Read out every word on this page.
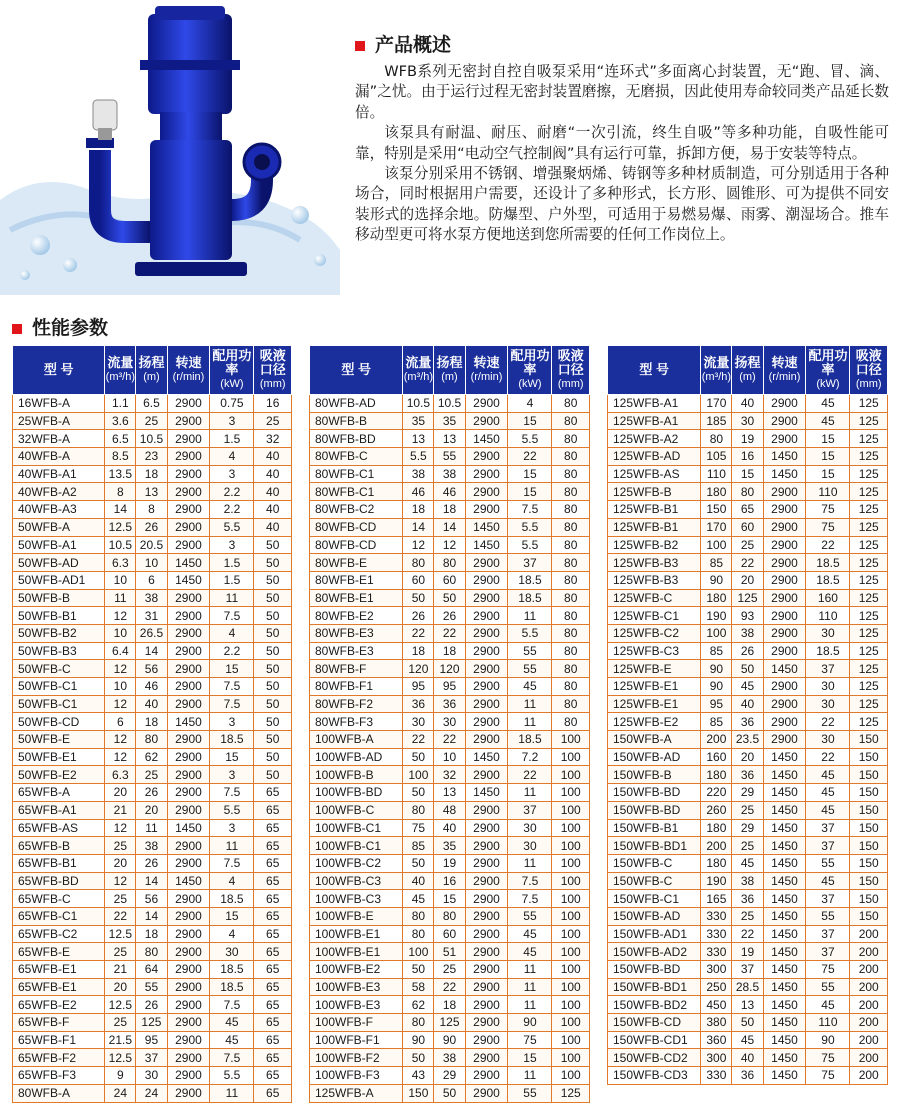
产品概述

WFB系列无密封自控自吸泵采用“连环式”多面离心封装置，无“跑、冒、滴、漏”之忧。由于运行过程无密封装置磨擦，无磨损，因此使用寿命较同类产品延长数倍。

该泵具有耐温、耐压、耐磨“一次引流，终生自吸”等多种功能，自吸性能可靠，特别是采用“电动空气控制阀”具有运行可靠，拆卸方便，易于安装等特点。

该泵分别采用不锈钢、增强聚炳烯、铸钢等多种材质制造，可分别适用于各种场合，同时根据用户需要，还设计了多种形式，长方形、圆锥形、可为提供不同安装形式的选择余地。防爆型、户外型，可适用于易燃易爆、雨雾、潮湿场合。推车移动型更可将水泵方便地送到您所需要的任何工作岗位上。

性能参数
型 号	流量
(m³/h)	扬程
(m)	转速
(r/min)	配用功率
(kW)	吸液口径
(mm)

16WFB-A	1.1	6.5	2900	0.75	16
25WFB-A	3.6	25	2900	3	25
32WFB-A	6.5	10.5	2900	1.5	32
40WFB-A	8.5	23	2900	4	40
40WFB-A1	13.5	18	2900	3	40
40WFB-A2	8	13	2900	2.2	40
40WFB-A3	14	8	2900	2.2	40
50WFB-A	12.5	26	2900	5.5	40
50WFB-A1	10.5	20.5	2900	3	50
50WFB-AD	6.3	10	1450	1.5	50
50WFB-AD1	10	6	1450	1.5	50
50WFB-B	11	38	2900	11	50
50WFB-B1	12	31	2900	7.5	50
50WFB-B2	10	26.5	2900	4	50
50WFB-B3	6.4	14	2900	2.2	50
50WFB-C	12	56	2900	15	50
50WFB-C1	10	46	2900	7.5	50
50WFB-C1	12	40	2900	7.5	50
50WFB-CD	6	18	1450	3	50
50WFB-E	12	80	2900	18.5	50
50WFB-E1	12	62	2900	15	50
50WFB-E2	6.3	25	2900	3	50
65WFB-A	20	26	2900	7.5	65
65WFB-A1	21	20	2900	5.5	65
65WFB-AS	12	11	1450	3	65
65WFB-B	25	38	2900	11	65
65WFB-B1	20	26	2900	7.5	65
65WFB-BD	12	14	1450	4	65
65WFB-C	25	56	2900	18.5	65
65WFB-C1	22	14	2900	15	65
65WFB-C2	12.5	18	2900	4	65
65WFB-E	25	80	2900	30	65
65WFB-E1	21	64	2900	18.5	65
65WFB-E1	20	55	2900	18.5	65
65WFB-E2	12.5	26	2900	7.5	65
65WFB-F	25	125	2900	45	65
65WFB-F1	21.5	95	2900	45	65
65WFB-F2	12.5	37	2900	7.5	65
65WFB-F3	9	30	2900	5.5	65
80WFB-A	24	24	2900	11	65
型 号	流量
(m³/h)	扬程
(m)	转速
(r/min)	配用功率
(kW)	吸液口径
(mm)

80WFB-AD	10.5	10.5	2900	4	80
80WFB-B	35	35	2900	15	80
80WFB-BD	13	13	1450	5.5	80
80WFB-C	5.5	55	2900	22	80
80WFB-C1	38	38	2900	15	80
80WFB-C1	46	46	2900	15	80
80WFB-C2	18	18	2900	7.5	80
80WFB-CD	14	14	1450	5.5	80
80WFB-CD	12	12	1450	5.5	80
80WFB-E	80	80	2900	37	80
80WFB-E1	60	60	2900	18.5	80
80WFB-E1	50	50	2900	18.5	80
80WFB-E2	26	26	2900	11	80
80WFB-E3	22	22	2900	5.5	80
80WFB-E3	18	18	2900	55	80
80WFB-F	120	120	2900	55	80
80WFB-F1	95	95	2900	45	80
80WFB-F2	36	36	2900	11	80
80WFB-F3	30	30	2900	11	80
100WFB-A	22	22	2900	18.5	100
100WFB-AD	50	10	1450	7.2	100
100WFB-B	100	32	2900	22	100
100WFB-BD	50	13	1450	11	100
100WFB-C	80	48	2900	37	100
100WFB-C1	75	40	2900	30	100
100WFB-C1	85	35	2900	30	100
100WFB-C2	50	19	2900	11	100
100WFB-C3	40	16	2900	7.5	100
100WFB-C3	45	15	2900	7.5	100
100WFB-E	80	80	2900	55	100
100WFB-E1	80	60	2900	45	100
100WFB-E1	100	51	2900	45	100
100WFB-E2	50	25	2900	11	100
100WFB-E3	58	22	2900	11	100
100WFB-E3	62	18	2900	11	100
100WFB-F	80	125	2900	90	100
100WFB-F1	90	90	2900	75	100
100WFB-F2	50	38	2900	15	100
100WFB-F3	43	29	2900	11	100
125WFB-A	150	50	2900	55	125
型 号	流量
(m³/h)	扬程
(m)	转速
(r/min)	配用功率
(kW)	吸液口径
(mm)

125WFB-A1	170	40	2900	45	125
125WFB-A1	185	30	2900	45	125
125WFB-A2	80	19	2900	15	125
125WFB-AD	105	16	1450	15	125
125WFB-AS	110	15	1450	15	125
125WFB-B	180	80	2900	110	125
125WFB-B1	150	65	2900	75	125
125WFB-B1	170	60	2900	75	125
125WFB-B2	100	25	2900	22	125
125WFB-B3	85	22	2900	18.5	125
125WFB-B3	90	20	2900	18.5	125
125WFB-C	180	125	2900	160	125
125WFB-C1	190	93	2900	110	125
125WFB-C2	100	38	2900	30	125
125WFB-C3	85	26	2900	18.5	125
125WFB-E	90	50	1450	37	125
125WFB-E1	90	45	2900	30	125
125WFB-E1	95	40	2900	30	125
125WFB-E2	85	36	2900	22	125
150WFB-A	200	23.5	2900	30	150
150WFB-AD	160	20	1450	22	150
150WFB-B	180	36	1450	45	150
150WFB-BD	220	29	1450	45	150
150WFB-BD	260	25	1450	45	150
150WFB-B1	180	29	1450	37	150
150WFB-BD1	200	25	1450	37	150
150WFB-C	180	45	1450	55	150
150WFB-C	190	38	1450	45	150
150WFB-C1	165	36	1450	37	150
150WFB-AD	330	25	1450	55	150
150WFB-AD1	330	22	1450	37	200
150WFB-AD2	330	19	1450	37	200
150WFB-BD	300	37	1450	75	200
150WFB-BD1	250	28.5	1450	55	200
150WFB-BD2	450	13	1450	45	200
150WFB-CD	380	50	1450	110	200
150WFB-CD1	360	45	1450	90	200
150WFB-CD2	300	40	1450	75	200
150WFB-CD3	330	36	1450	75	200
